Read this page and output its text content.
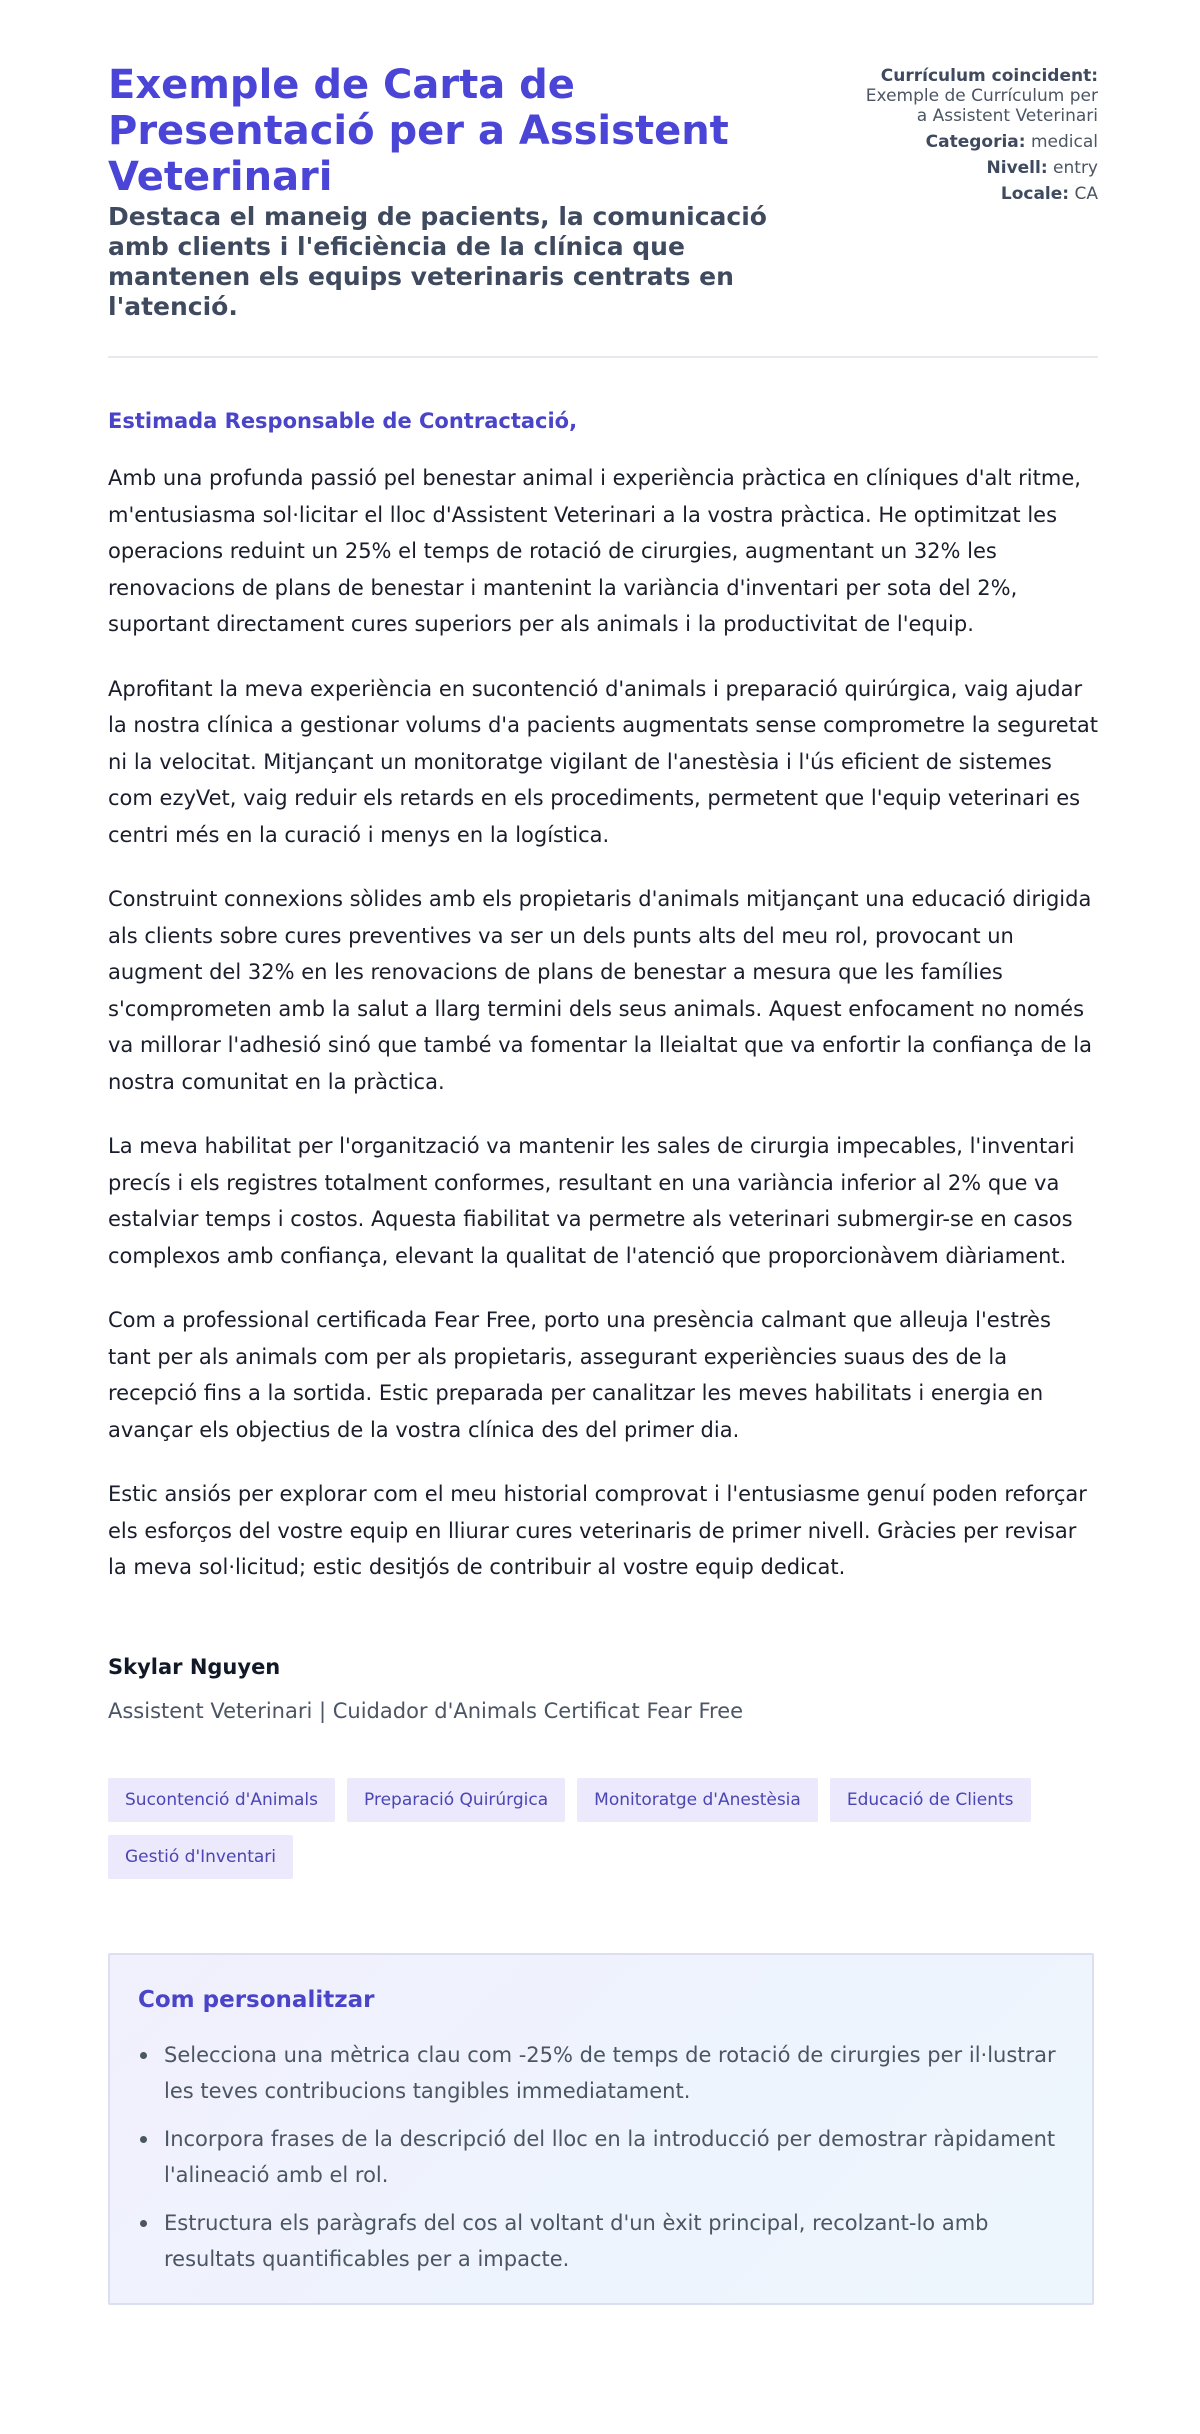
Exemple de Carta de Presentació per a Assistent Veterinari
Destaca el maneig de pacients, la comunicació amb clients i l'eficiència de la clínica que mantenen els equips veterinaris centrats en l'atenció.
Currículum coincident:
Exemple de Currículum per a Assistent Veterinari
Categoria: medical
Nivell: entry
Locale: CA

Estimada Responsable de Contractació,

Amb una profunda passió pel benestar animal i experiència pràctica en clíniques d'alt ritme, m'entusiasma sol·licitar el lloc d'Assistent Veterinari a la vostra pràctica. He optimitzat les operacions reduint un 25% el temps de rotació de cirurgies, augmentant un 32% les renovacions de plans de benestar i mantenint la variància d'inventari per sota del 2%, suportant directament cures superiors per als animals i la productivitat de l'equip.

Aprofitant la meva experiència en sucontenció d'animals i preparació quirúrgica, vaig ajudar la nostra clínica a gestionar volums d'a pacients augmentats sense comprometre la seguretat ni la velocitat. Mitjançant un monitoratge vigilant de l'anestèsia i l'ús eficient de sistemes com ezyVet, vaig reduir els retards en els procediments, permetent que l'equip veterinari es centri més en la curació i menys en la logística.

Construint connexions sòlides amb els propietaris d'animals mitjançant una educació dirigida als clients sobre cures preventives va ser un dels punts alts del meu rol, provocant un augment del 32% en les renovacions de plans de benestar a mesura que les famílies s'comprometen amb la salut a llarg termini dels seus animals. Aquest enfocament no només va millorar l'adhesió sinó que també va fomentar la lleialtat que va enfortir la confiança de la nostra comunitat en la pràctica.

La meva habilitat per l'organització va mantenir les sales de cirurgia impecables, l'inventari precís i els registres totalment conformes, resultant en una variància inferior al 2% que va estalviar temps i costos. Aquesta fiabilitat va permetre als veterinari submergir-se en casos complexos amb confiança, elevant la qualitat de l'atenció que proporcionàvem diàriament.

Com a professional certificada Fear Free, porto una presència calmant que alleuja l'estrès tant per als animals com per als propietaris, assegurant experiències suaus des de la recepció fins a la sortida. Estic preparada per canalitzar les meves habilitats i energia en avançar els objectius de la vostra clínica des del primer dia.

Estic ansiós per explorar com el meu historial comprovat i l'entusiasme genuí poden reforçar els esforços del vostre equip en lliurar cures veterinaris de primer nivell. Gràcies per revisar la meva sol·licitud; estic desitjós de contribuir al vostre equip dedicat.

Skylar Nguyen
Assistent Veterinari | Cuidador d'Animals Certificat Fear Free
Sucontenció d'Animals	Preparació Quirúrgica	Monitoratge d'Anestèsia	Educació de Clients
Gestió d'Inventari
Com personalitzar
Selecciona una mètrica clau com -25% de temps de rotació de cirurgies per il·lustrar les teves contribucions tangibles immediatament.
Incorpora frases de la descripció del lloc en la introducció per demostrar ràpidament l'alineació amb el rol.
Estructura els paràgrafs del cos al voltant d'un èxit principal, recolzant-lo amb resultats quantificables per a impacte.
